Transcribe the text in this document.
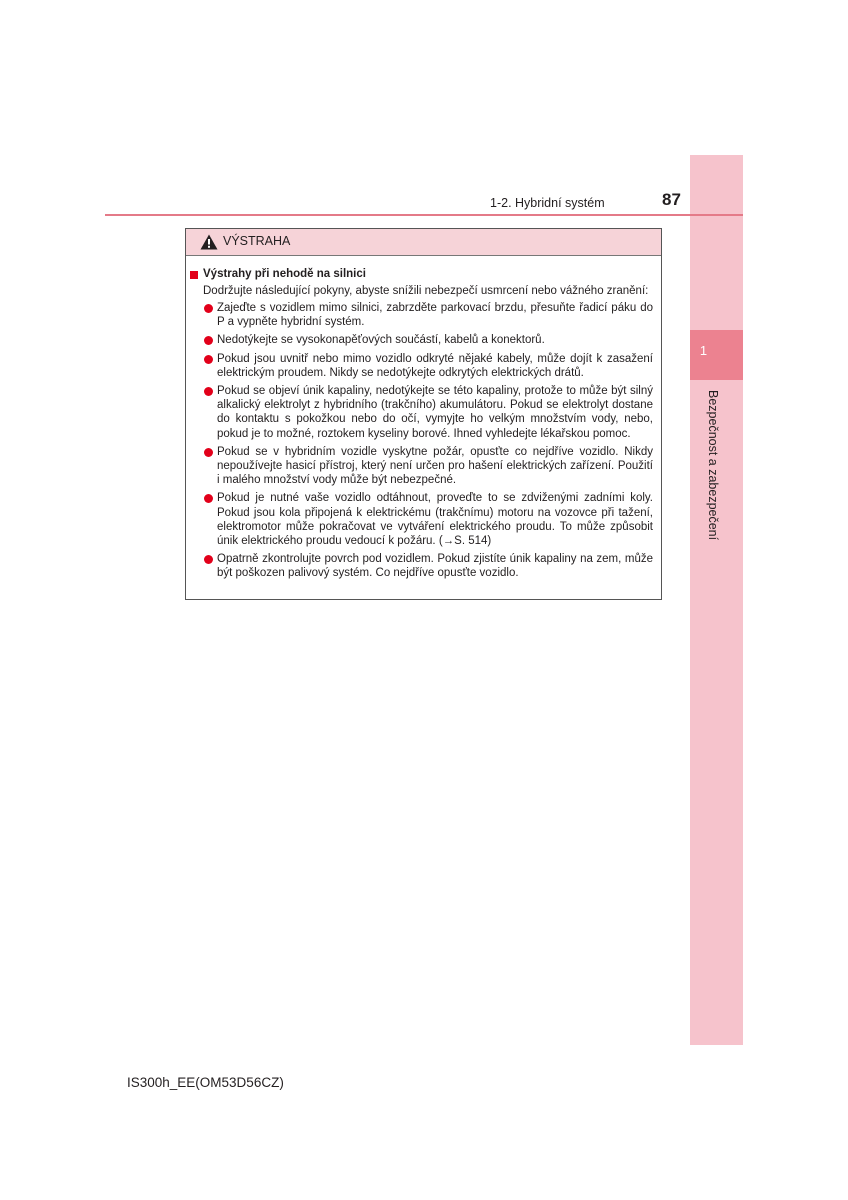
1
Bezpečnost a zabezpečení
1-2. Hybridní systém	87
VÝSTRAHA
Výstrahy při nehodě na silnici
Dodržujte následující pokyny, abyste snížili nebezpečí usmrcení nebo vážného zranění:
Zajeďte s vozidlem mimo silnici, zabrzděte parkovací brzdu, přesuňte řadicí páku do P a vypněte hybridní systém.
Nedotýkejte se vysokonapěťových součástí, kabelů a konektorů.
Pokud jsou uvnitř nebo mimo vozidlo odkryté nějaké kabely, může dojít k zasažení elektrickým proudem. Nikdy se nedotýkejte odkrytých elektrických drátů.
Pokud se objeví únik kapaliny, nedotýkejte se této kapaliny, protože to může být silný alkalický elektrolyt z hybridního (trakčního) akumulátoru. Pokud se elektrolyt dostane do kontaktu s pokožkou nebo do očí, vymyjte ho velkým množstvím vody, nebo, pokud je to možné, roztokem kyseliny borové. Ihned vyhledejte lékařskou pomoc.
Pokud se v hybridním vozidle vyskytne požár, opusťte co nejdříve vozidlo. Nikdy nepoužívejte hasicí přístroj, který není určen pro hašení elektrických zařízení. Použití i malého množství vody může být nebezpečné.
Pokud je nutné vaše vozidlo odtáhnout, proveďte to se zdviženými zadními koly. Pokud jsou kola připojená k elektrickému (trakčnímu) motoru na vozovce při tažení, elektromotor může pokračovat ve vytváření elektrického proudu. To může způsobit únik elektrického proudu vedoucí k požáru. (→S. 514)
Opatrně zkontrolujte povrch pod vozidlem. Pokud zjistíte únik kapaliny na zem, může být poškozen palivový systém. Co nejdříve opusťte vozidlo.
IS300h_EE(OM53D56CZ)
